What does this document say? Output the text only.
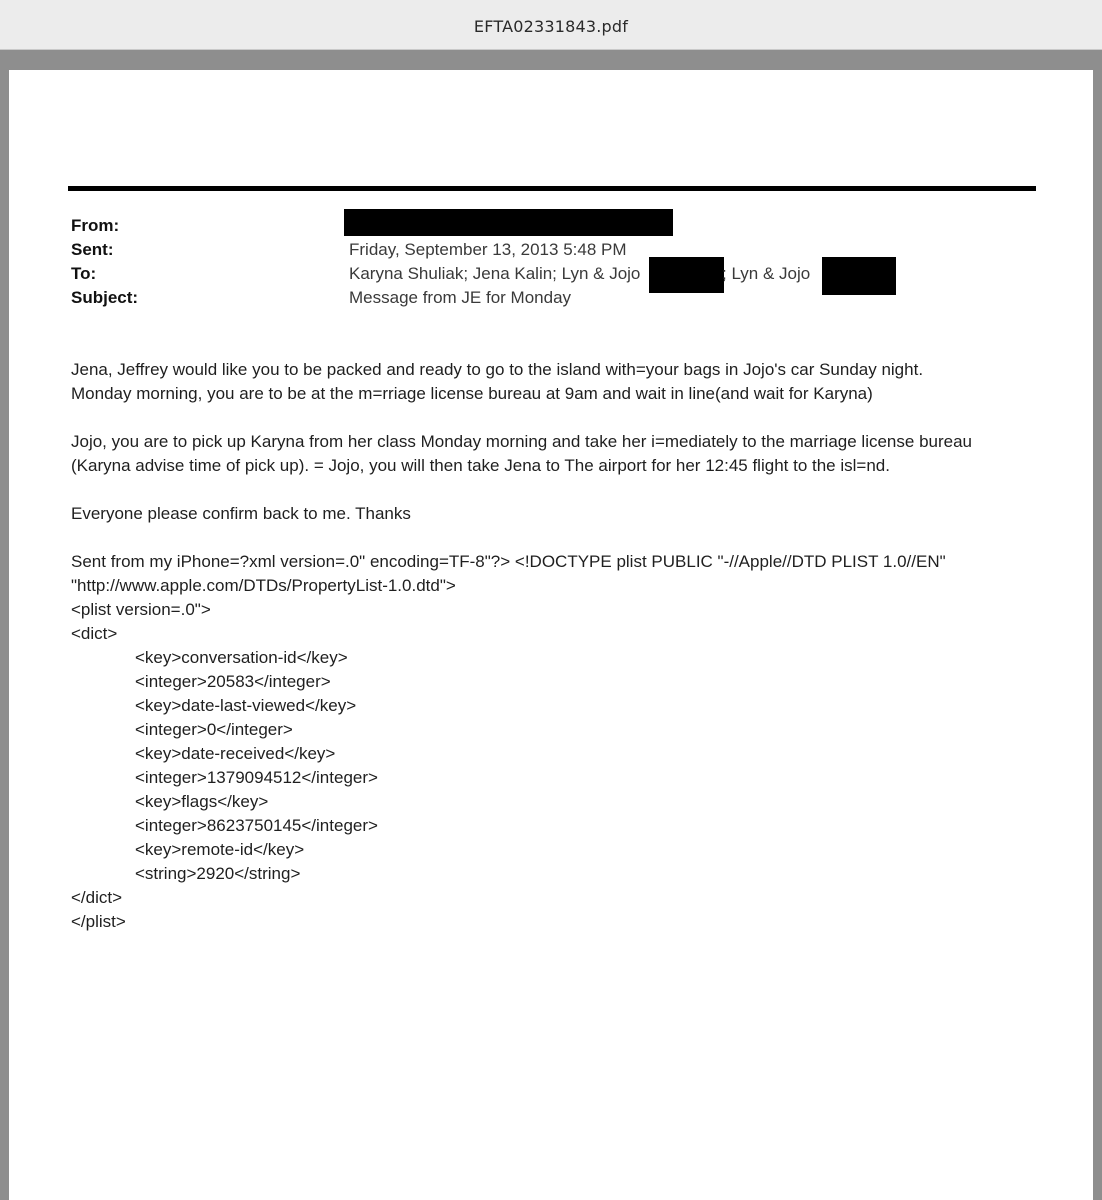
EFTA02331843.pdf
From:
Sent:
To:
Subject:
Friday, September 13, 2013 5:48 PM
Karyna Shuliak; Jena Kalin; Lyn & Jojo	; Lyn & Jojo
Message from JE for Monday
Jena, Jeffrey would like you to be packed and ready to go to the island with=your bags in Jojo's car Sunday night.
Monday morning, you are to be at the m=rriage license bureau at 9am and wait in line(and wait for Karyna)
Jojo, you are to pick up Karyna from her class Monday morning and take her i=mediately to the marriage license bureau
(Karyna advise time of pick up). = Jojo, you will then take Jena to The airport for her 12:45 flight to the isl=nd.
Everyone please confirm back to me. Thanks
Sent from my iPhone=?xml version=.0" encoding=TF-8"?> <!DOCTYPE plist PUBLIC "-//Apple//DTD PLIST 1.0//EN"
"http://www.apple.com/DTDs/PropertyList-1.0.dtd">
<plist version=.0">
<dict>
<key>conversation-id</key>
<integer>20583</integer>
<key>date-last-viewed</key>
<integer>0</integer>
<key>date-received</key>
<integer>1379094512</integer>
<key>flags</key>
<integer>8623750145</integer>
<key>remote-id</key>
<string>2920</string>
</dict>
</plist>
